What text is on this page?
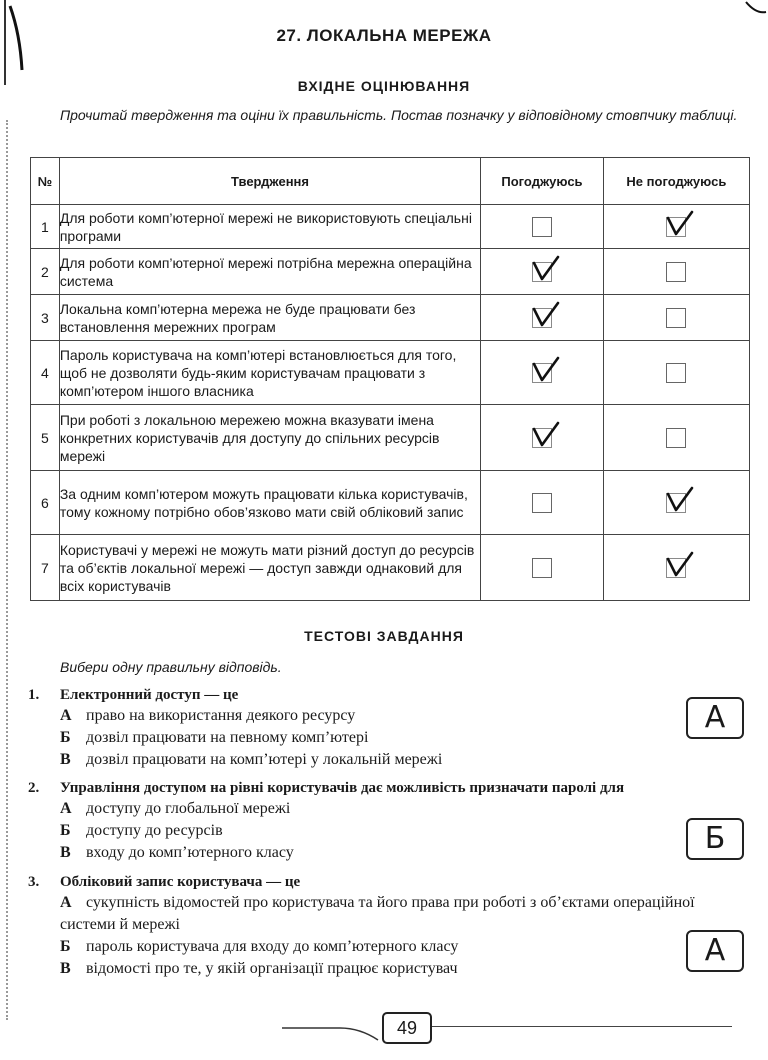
27. ЛОКАЛЬНА МЕРЕЖА
ВХІДНЕ ОЦІНЮВАННЯ
Прочитай твердження та оціни їх правильність. Постав позначку у відповідному стовпчику таблиці.
№	Твердження	Погоджуюсь	Не погоджуюсь
1	Для роботи комп’ютерної мережі не використовують спеціальні програми		

2	Для роботи комп’ютерної мережі потрібна мережна операційна система	

3	Локальна комп’ютерна мережа не буде працювати без встановлення мережних програм	

4	Пароль користувача на комп’ютері встановлюється для того, щоб не дозволяти будь-яким користувачам працювати з комп’ютером іншого власника	

5	При роботі з локальною мережею можна вказувати імена конкретних користувачів для доступу до спільних ресурсів мережі	

6	За одним комп’ютером можуть працювати кілька користувачів, тому кожному потрібно обов’язково мати свій обліковий запис		

7	Користувачі у мережі не можуть мати різний доступ до ресурсів та об’єктів локальної мережі — доступ завжди однаковий для всіх користувачів		
ТЕСТОВІ ЗАВДАННЯ
Вибери одну правильну відповідь.
1. Електронний доступ — це
А право на використання деякого ресурсу
Б дозвіл працювати на певному комп’ютері
В дозвіл працювати на комп’ютері у локальній мережі
А
2. Управління доступом на рівні користувачів дає можливість призначати паролі для
А доступу до глобальної мережі
Б доступу до ресурсів
В входу до комп’ютерного класу	Б
3. Обліковий запис користувача — це
А сукупність відомостей про користувача та його права при роботі з об’єктами операційної системи й мережі
Б пароль користувача для входу до комп’ютерного класу
В відомості про те, у якій організації працює користувач
А
49
